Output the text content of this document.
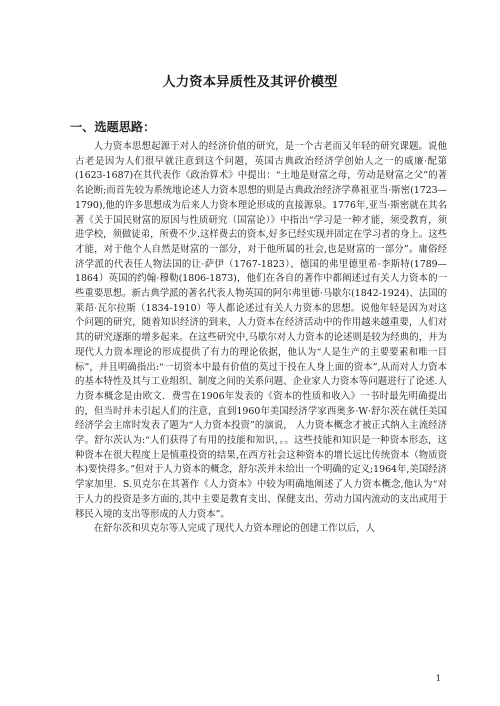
人力资本异质性及其评价模型
一、选题思路：

人力资本思想起源于对人的经济价值的研究，是一个古老而又年轻的研究课题。说他古老是因为人们很早就注意到这个问题，英国古典政治经济学创始人之一的威廉·配第(1623-1687)在其代表作《政治算术》中提出：“土地是财富之母，劳动是财富之父”的著名论断;而首先较为系统地论述人力资本思想的则是古典政治经济学鼻祖亚当·斯密(1723—1790),他的许多思想成为后来人力资本理论形成的直接源泉。1776年,亚当·斯密就在其名著《关于国民财富的原因与性质研究（国富论）》中指出“学习是一种才能，须受教育，须进学校，须做徒弟，所费不少.这样费去的资本,好多已经实现并固定在学习者的身上。这些才能，对于他个人自然是财富的一部分，对于他所属的社会,也是财富的一部分”。庸俗经济学派的代表任人物法国的让·萨伊（1767-1823）、德国的弗里德里希·李斯特(1789—1864）英国的约翰·穆勒(1806-1873)，他们在各自的著作中都阐述过有关人力资本的一些重要思想。新古典学派的著名代表人物英国的阿尔弗里德·马歇尔(1842-1924)、法国的莱昂·瓦尔拉斯（1834-1910）等人都论述过有关人力资本的思想。说他年轻是因为对这个问题的研究，随着知识经济的到来，人力资本在经济活动中的作用越来越重要，人们对其的研究逐渐的增多起来。在这些研究中,马歇尔对人力资本的论述则是较为经典的，并为现代人力资本理论的形成提供了有力的理论依据，他认为“人是生产的主要要素和唯一目标”，并且明确指出:“一切资本中最有价值的莫过于投在人身上面的资本”,从而对人力资本的基本特性及其与工业组织、制度之间的关系问题、企业家人力资本等问题进行了论述.人力资本概念是由欧文．费雪在1906年发表的《资本的性质和收入》一书时最先明确提出的，但当时并未引起人们的注意，直到1960年美国经济学家西奥多·W·舒尔茨在就任美国经济学会主席时发表了题为“人力资本投资”的演说， 人力资本概念才被正式纳入主流经济学。舒尔茨认为:“人们获得了有用的技能和知识，。。这些技能和知识是一种资本形态，这种资本在很大程度上是慎重投资的结果,在西方社会这种资本的增长远比传统资本（物质资本)要快得多。”但对于人力资本的概念，舒尔茨并未给出一个明确的定义;1964年,美国经济学家加里．S.贝克尔在其著作《人力资本》中较为明确地阐述了人力资本概念,他认为“对于人力的投资是多方面的,其中主要是教育支出、保健支出、劳动力国内流动的支出或用于移民入境的支出等形成的人力资本”。

在舒尔茨和贝克尔等人完成了现代人力资本理论的创建工作以后，人

1
